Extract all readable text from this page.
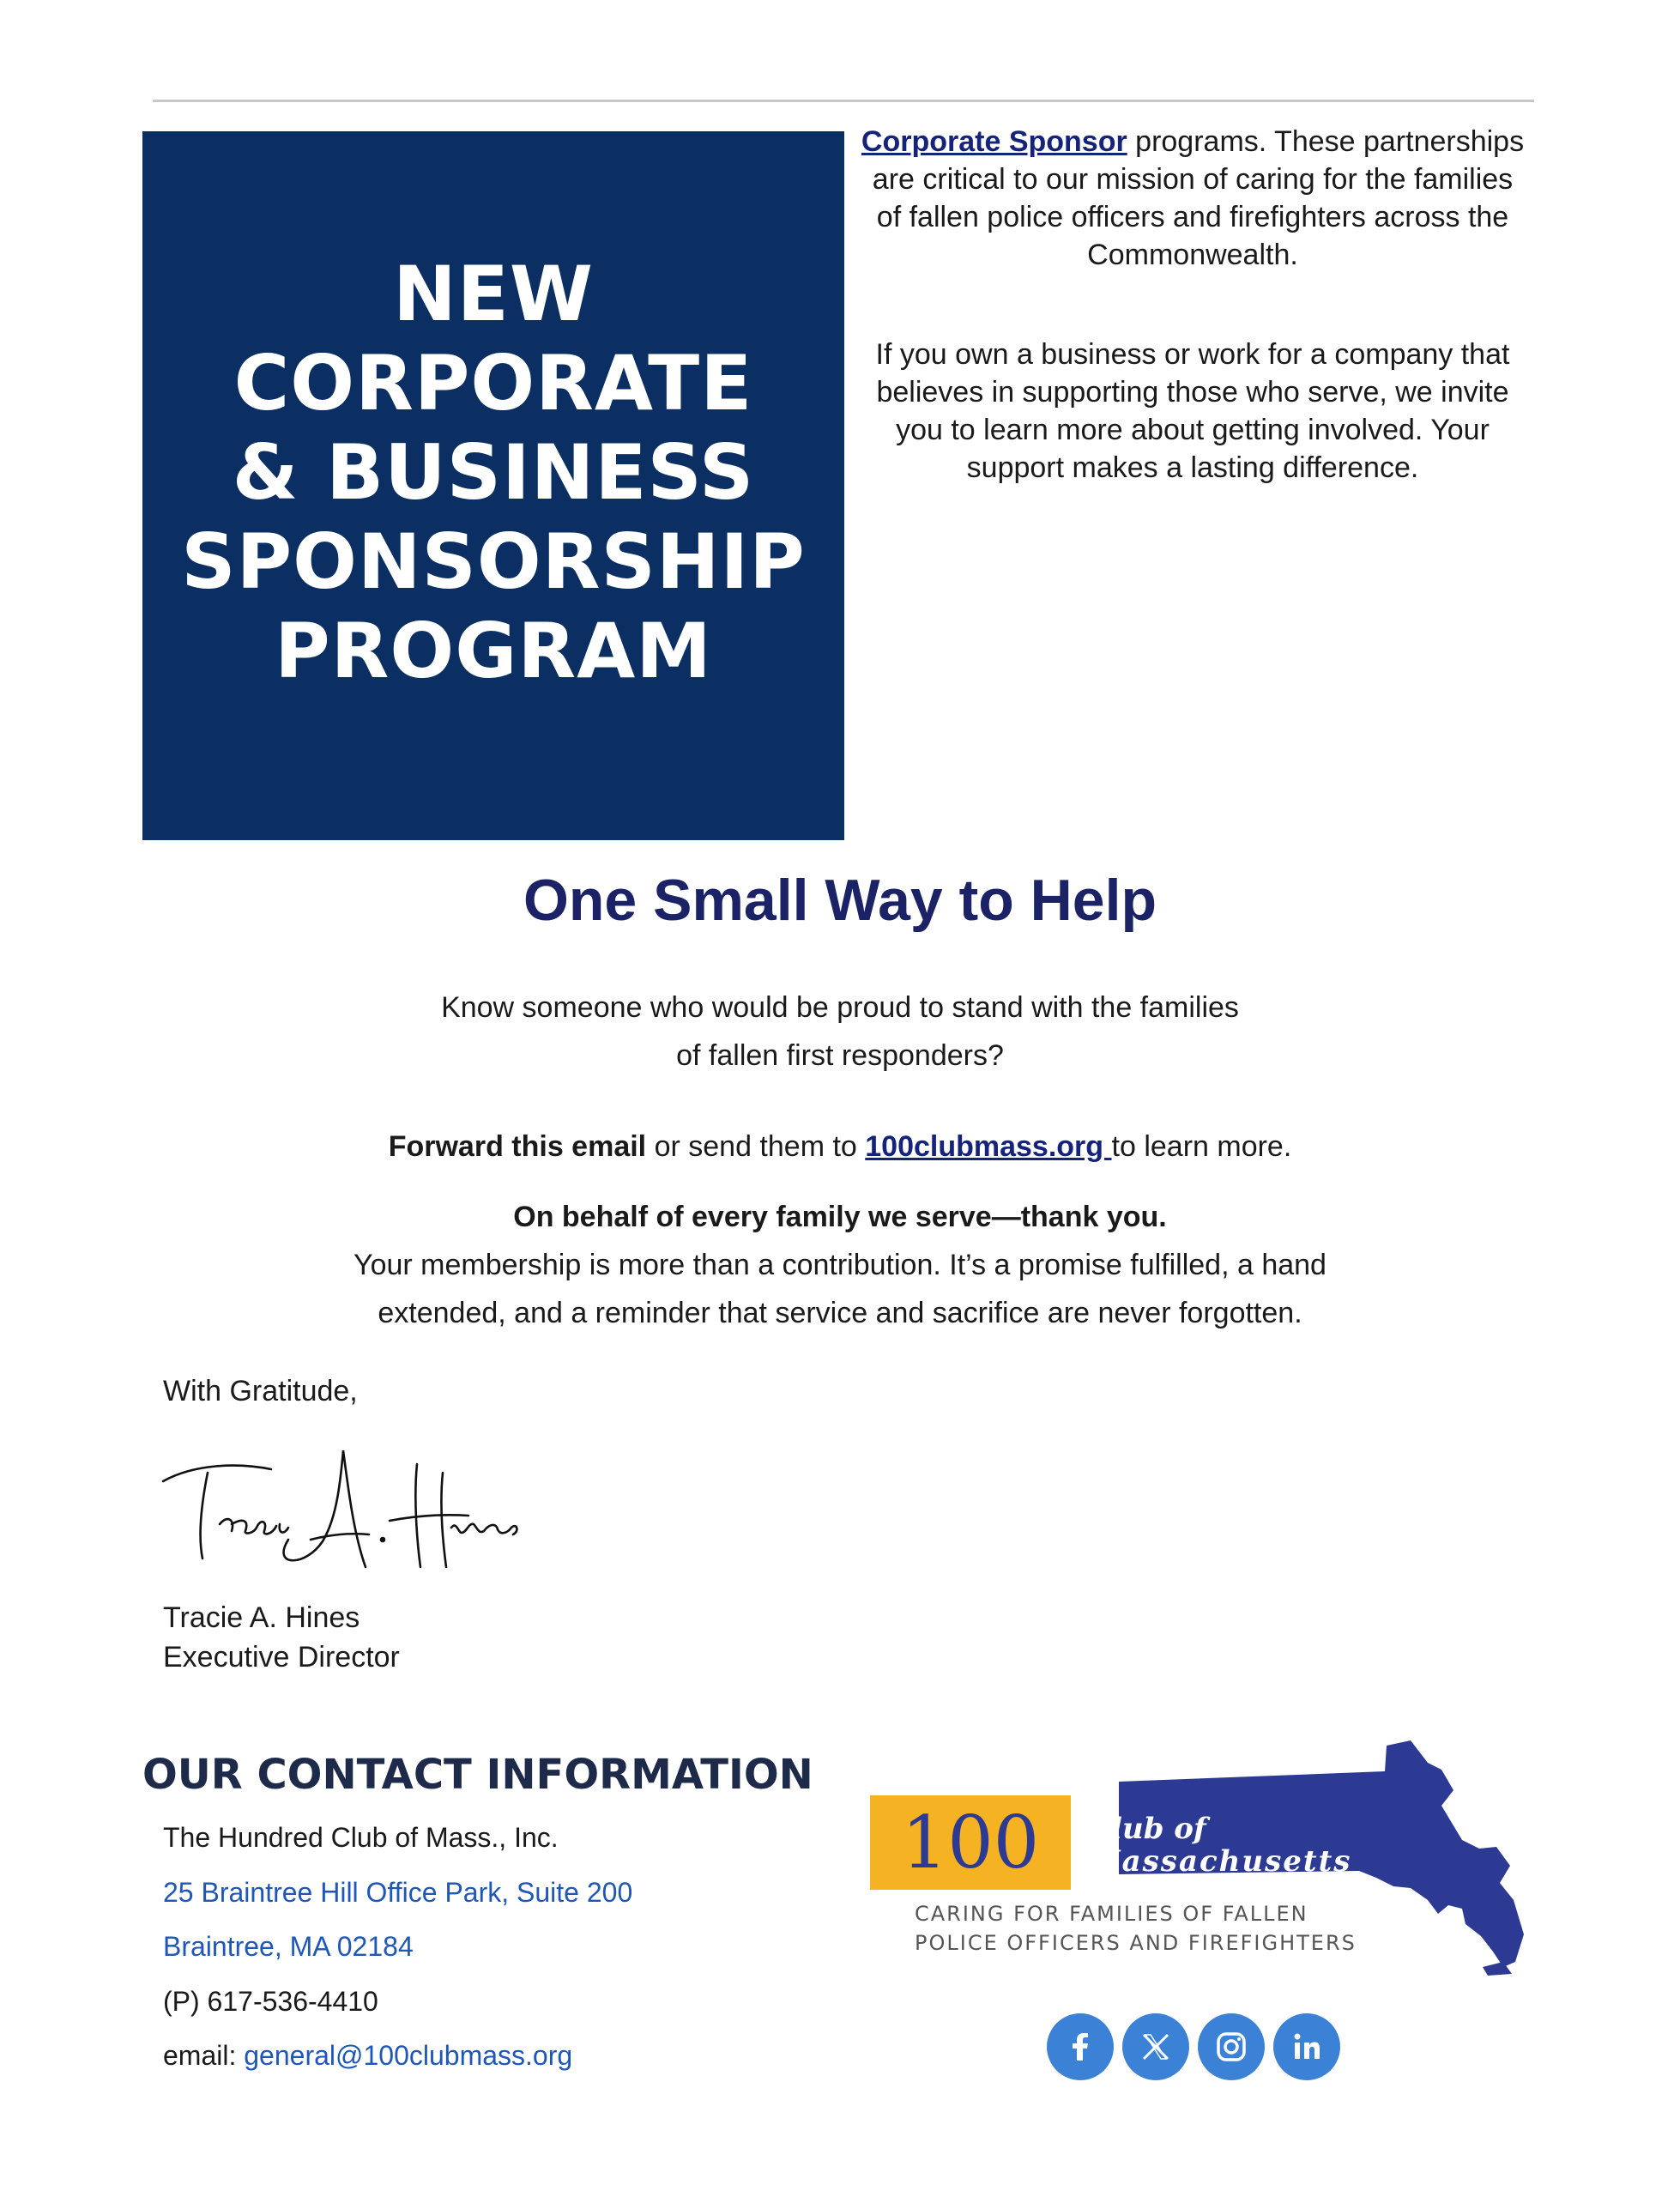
NEW
CORPORATE
& BUSINESS
SPONSORSHIP
PROGRAM

Corporate Sponsor programs. These partnerships are critical to our mission of caring for the families of fallen police officers and firefighters across the Commonwealth.

If you own a business or work for a company that believes in supporting those who serve, we invite you to learn more about getting involved. Your support makes a lasting difference.

One Small Way to Help

Know someone who would be proud to stand with the families

of fallen first responders?

Forward this email or send them to 100clubmass.org to learn more.

On behalf of every family we serve—thank you.

Your membership is more than a contribution. It’s a promise fulfilled, a hand

extended, and a reminder that service and sacrifice are never forgotten.

With Gratitude,
Tracie A. Hines
Executive Director
OUR CONTACT INFORMATION
The Hundred Club of Mass., Inc.
25 Braintree Hill Office Park, Suite 200
Braintree, MA 02184
(P) 617-536-4410
email: general@100clubmass.org
100 Club of
Massachusetts
CARING FOR FAMILIES OF FALLEN
POLICE OFFICERS AND FIREFIGHTERS
